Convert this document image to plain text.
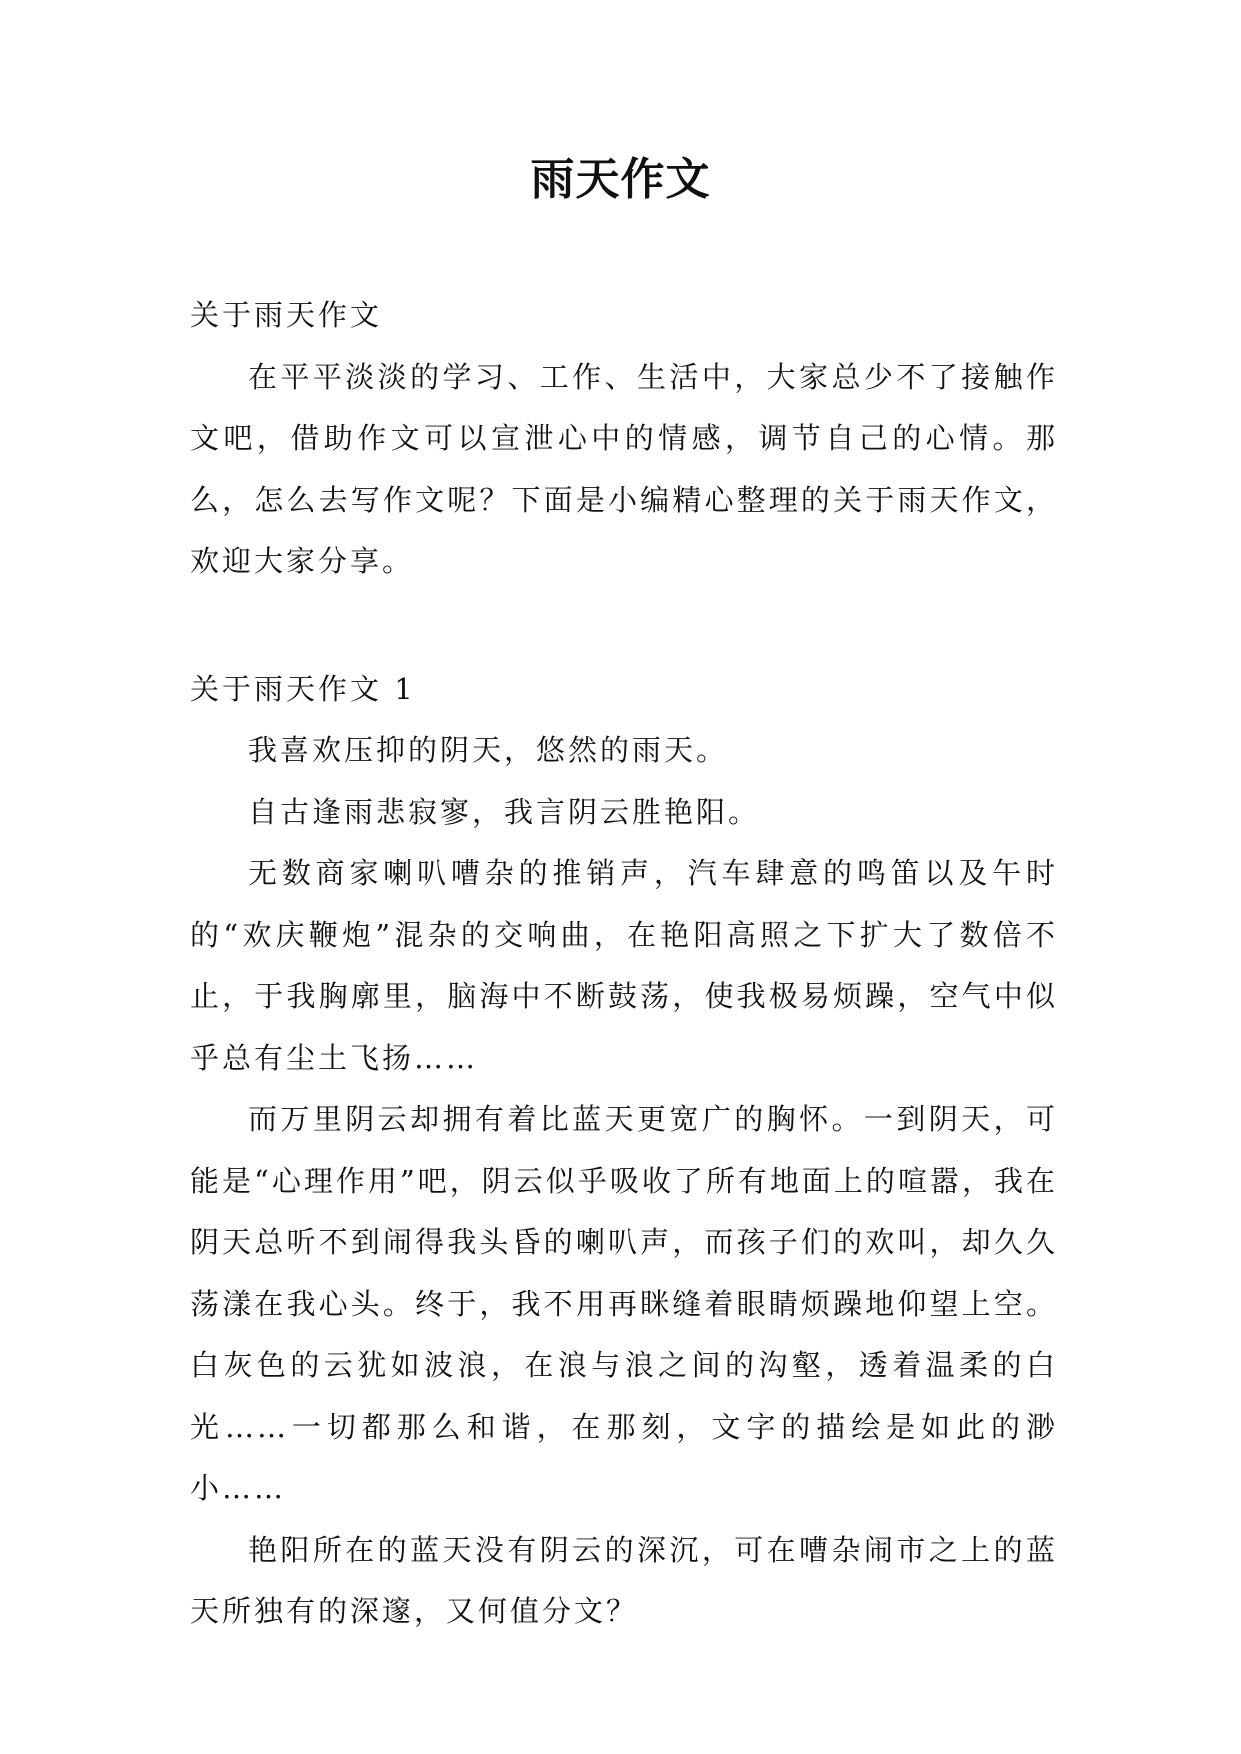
雨天作文
关于雨天作文

在平平淡淡的学习、工作、生活中，大家总少不了接触作文吧，借助作文可以宣泄心中的情感，调节自己的心情。那么，怎么去写作文呢？下面是小编精心整理的关于雨天作文，欢迎大家分享。

关于雨天作文 1

我喜欢压抑的阴天，悠然的雨天。

自古逢雨悲寂寥，我言阴云胜艳阳。

无数商家喇叭嘈杂的推销声，汽车肆意的鸣笛以及午时的“欢庆鞭炮”混杂的交响曲，在艳阳高照之下扩大了数倍不止，于我胸廓里，脑海中不断鼓荡，使我极易烦躁，空气中似乎总有尘土飞扬……

而万里阴云却拥有着比蓝天更宽广的胸怀。一到阴天，可能是“心理作用”吧，阴云似乎吸收了所有地面上的喧嚣，我在阴天总听不到闹得我头昏的喇叭声，而孩子们的欢叫，却久久荡漾在我心头。终于，我不用再眯缝着眼睛烦躁地仰望上空。白灰色的云犹如波浪，在浪与浪之间的沟壑，透着温柔的白光……一切都那么和谐，在那刻，文字的描绘是如此的渺小……

艳阳所在的蓝天没有阴云的深沉，可在嘈杂闹市之上的蓝天所独有的深邃，又何值分文？
